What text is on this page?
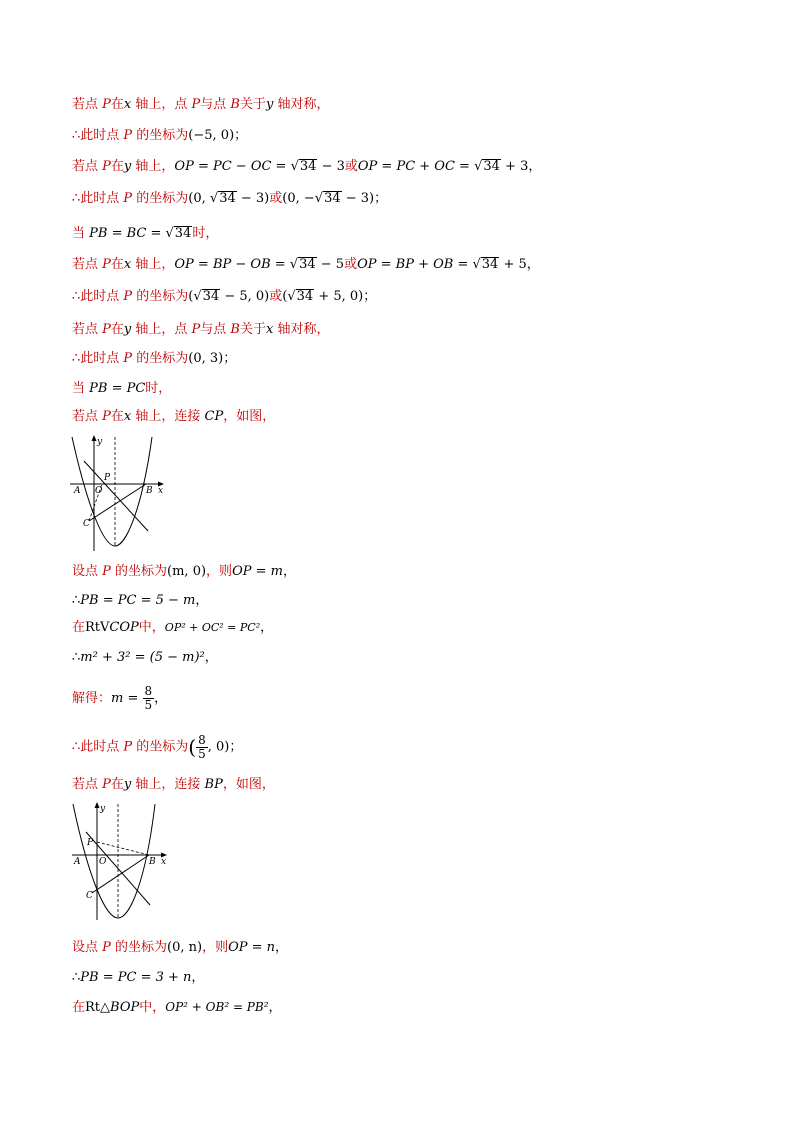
若点 P在x 轴上，点 P与点 B关于y 轴对称，
∴此时点 P 的坐标为(−5, 0)；
若点 P在y 轴上，OP = PC − OC = √34 − 3或OP = PC + OC = √34 + 3，
∴此时点 P 的坐标为(0, √34 − 3)或(0, −√34 − 3)；
当 PB = BC = √34时，
若点 P在x 轴上，OP = BP − OB = √34 − 5或OP = BP + OB = √34 + 5，
∴此时点 P 的坐标为(√34 − 5, 0)或(√34 + 5, 0)；
若点 P在y 轴上，点 P与点 B关于x 轴对称，
∴此时点 P 的坐标为(0, 3)；
当 PB = PC时，
若点 P在x 轴上，连接 CP，如图，
y
P
A O	B x
C
设点 P 的坐标为(m, 0)，则OP = m，
∴PB = PC = 5 − m，
在RtVCOP中，OP² + OC² = PC²，
∴m² + 3² = (5 − m)²，
解得：$m = \frac{8}{5}$ ，
∴此时点 P 的坐标为( $\frac{8}{5}$ , 0)；
若点 P在y 轴上，连接 BP，如图，
y
P
A O	B x
C
设点 P 的坐标为(0, n)，则OP = n，
∴PB = PC = 3 + n，
在Rt△BOP中，OP² + OB² = PB²，
